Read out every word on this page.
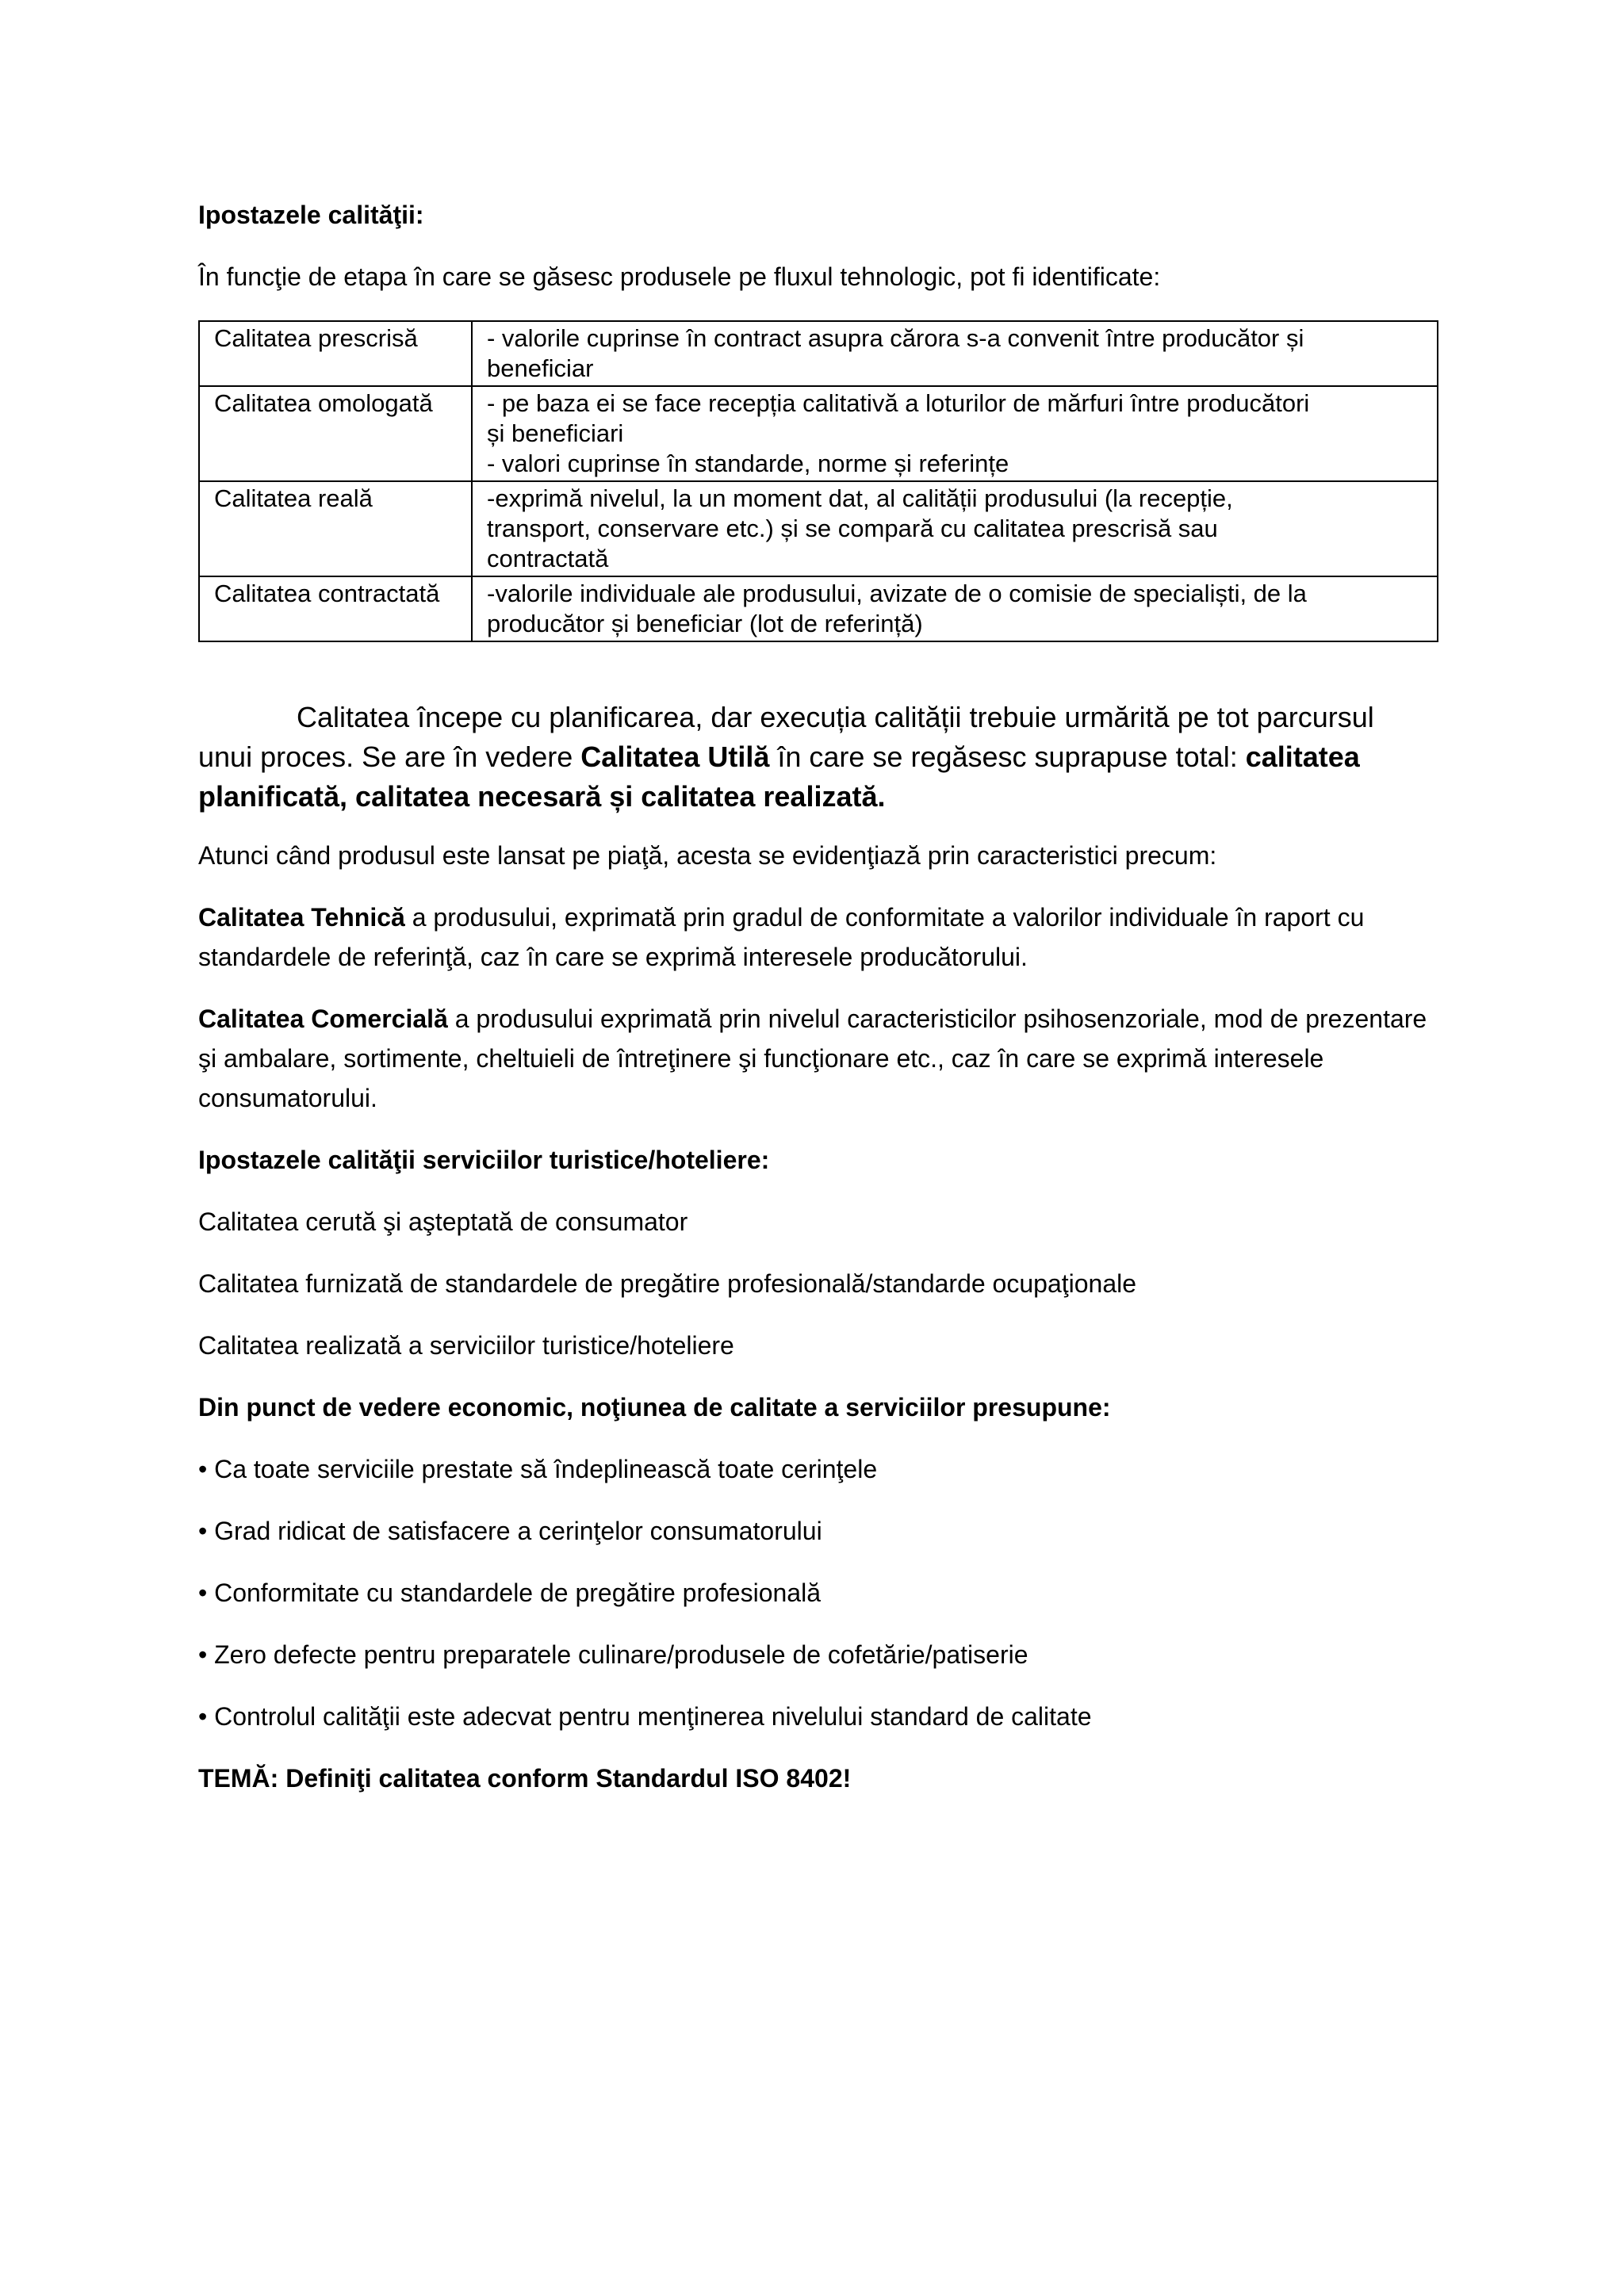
Ipostazele calităţii:
În funcţie de etapa în care se găsesc produsele pe fluxul tehnologic, pot fi identificate:
Calitatea prescrisă	- valorile cuprinse în contract asupra cărora s-a convenit între producător și
beneficiar

Calitatea omologată	- pe baza ei se face recepția calitativă a loturilor de mărfuri între producători
și beneficiari
- valori cuprinse în standarde, norme și referințe

Calitatea reală	-exprimă nivelul, la un moment dat, al calității produsului (la recepție,
transport, conservare etc.) și se compară cu calitatea prescrisă sau
contractată

Calitatea contractată	-valorile individuale ale produsului, avizate de o comisie de specialiști, de la
producător și beneficiar (lot de referință)
Calitatea începe cu planificarea, dar execuția calității trebuie urmărită pe tot parcursul unui proces. Se are în vedere Calitatea Utilă în care se regăsesc suprapuse total: calitatea planificată, calitatea necesară și calitatea realizată.
Atunci când produsul este lansat pe piaţă, acesta se evidenţiază prin caracteristici precum:
Calitatea Tehnică a produsului, exprimată prin gradul de conformitate a valorilor individuale în raport cu standardele de referinţă, caz în care se exprimă interesele producătorului.
Calitatea Comercială a produsului exprimată prin nivelul caracteristicilor psihosenzoriale, mod de prezentare şi ambalare, sortimente, cheltuieli de întreţinere şi funcţionare etc., caz în care se exprimă interesele consumatorului.
Ipostazele calităţii serviciilor turistice/hoteliere:
Calitatea cerută şi aşteptată de consumator
Calitatea furnizată de standardele de pregătire profesională/standarde ocupaţionale
Calitatea realizată a serviciilor turistice/hoteliere
Din punct de vedere economic, noţiunea de calitate a serviciilor presupune:
• Ca toate serviciile prestate să îndeplinească toate cerinţele
• Grad ridicat de satisfacere a cerinţelor consumatorului
• Conformitate cu standardele de pregătire profesională
• Zero defecte pentru preparatele culinare/produsele de cofetărie/patiserie
• Controlul calităţii este adecvat pentru menţinerea nivelului standard de calitate
TEMĂ: Definiţi calitatea conform Standardul ISO 8402!
